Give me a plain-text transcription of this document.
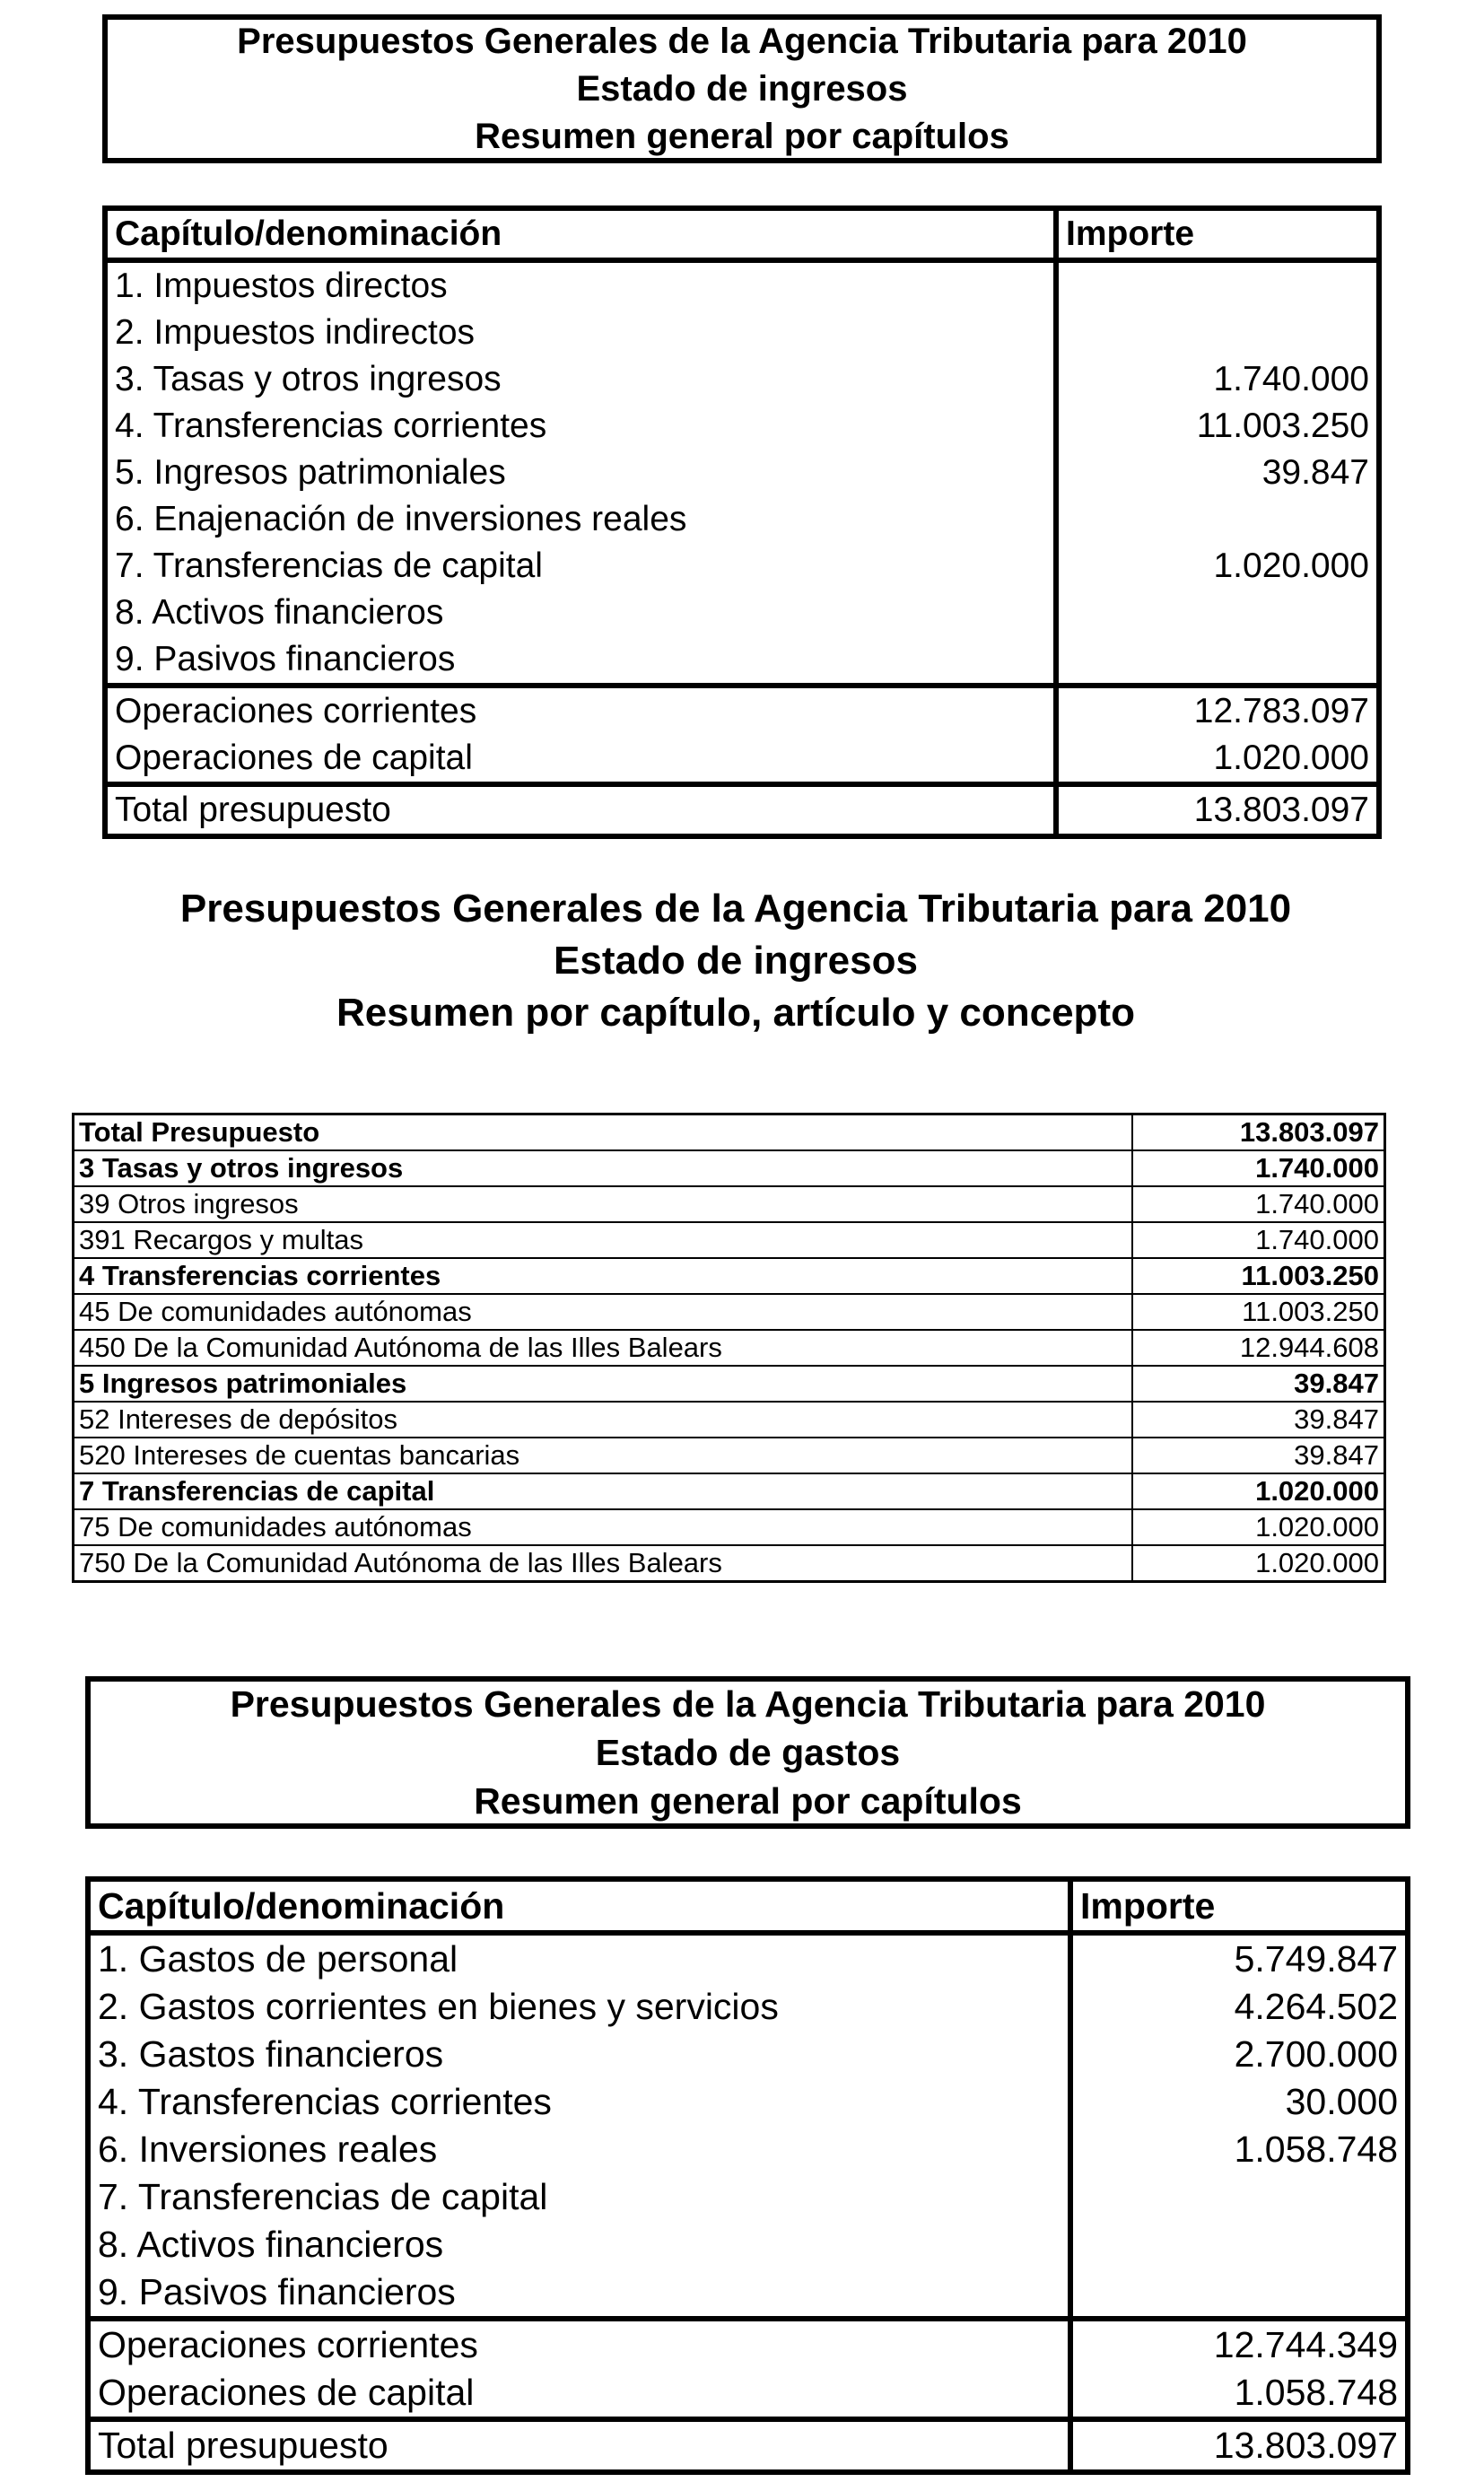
Presupuestos Generales de la Agencia Tributaria para 2010
Estado de ingresos
Resumen general por capítulos
Capítulo/denominación	Importe
1. Impuestos directos	
2. Impuestos indirectos	
3. Tasas y otros ingresos	1.740.000
4. Transferencias corrientes	11.003.250
5. Ingresos patrimoniales	39.847
6. Enajenación de inversiones reales	
7. Transferencias de capital	1.020.000
8. Activos financieros	
9. Pasivos financieros	
Operaciones corrientes	12.783.097
Operaciones de capital	1.020.000
Total presupuesto	13.803.097
Presupuestos Generales de la Agencia Tributaria para 2010
Estado de ingresos
Resumen por capítulo, artículo y concepto
Total Presupuesto	13.803.097
3 Tasas y otros ingresos	1.740.000
39 Otros ingresos	1.740.000
391 Recargos y multas	1.740.000
4 Transferencias corrientes	11.003.250
45 De comunidades autónomas	11.003.250
450 De la Comunidad Autónoma de las Illes Balears	12.944.608
5 Ingresos patrimoniales	39.847
52 Intereses de depósitos	39.847
520 Intereses de cuentas bancarias	39.847
7 Transferencias de capital	1.020.000
75 De comunidades autónomas	1.020.000
750 De la Comunidad Autónoma de las Illes Balears	1.020.000
Presupuestos Generales de la Agencia Tributaria para 2010
Estado de gastos
Resumen general por capítulos
Capítulo/denominación	Importe
1. Gastos de personal	5.749.847
2. Gastos corrientes en bienes y servicios	4.264.502
3. Gastos financieros	2.700.000
4. Transferencias corrientes	30.000
6. Inversiones reales	1.058.748
7. Transferencias de capital	
8. Activos financieros	
9. Pasivos financieros	
Operaciones corrientes	12.744.349
Operaciones de capital	1.058.748
Total presupuesto	13.803.097
